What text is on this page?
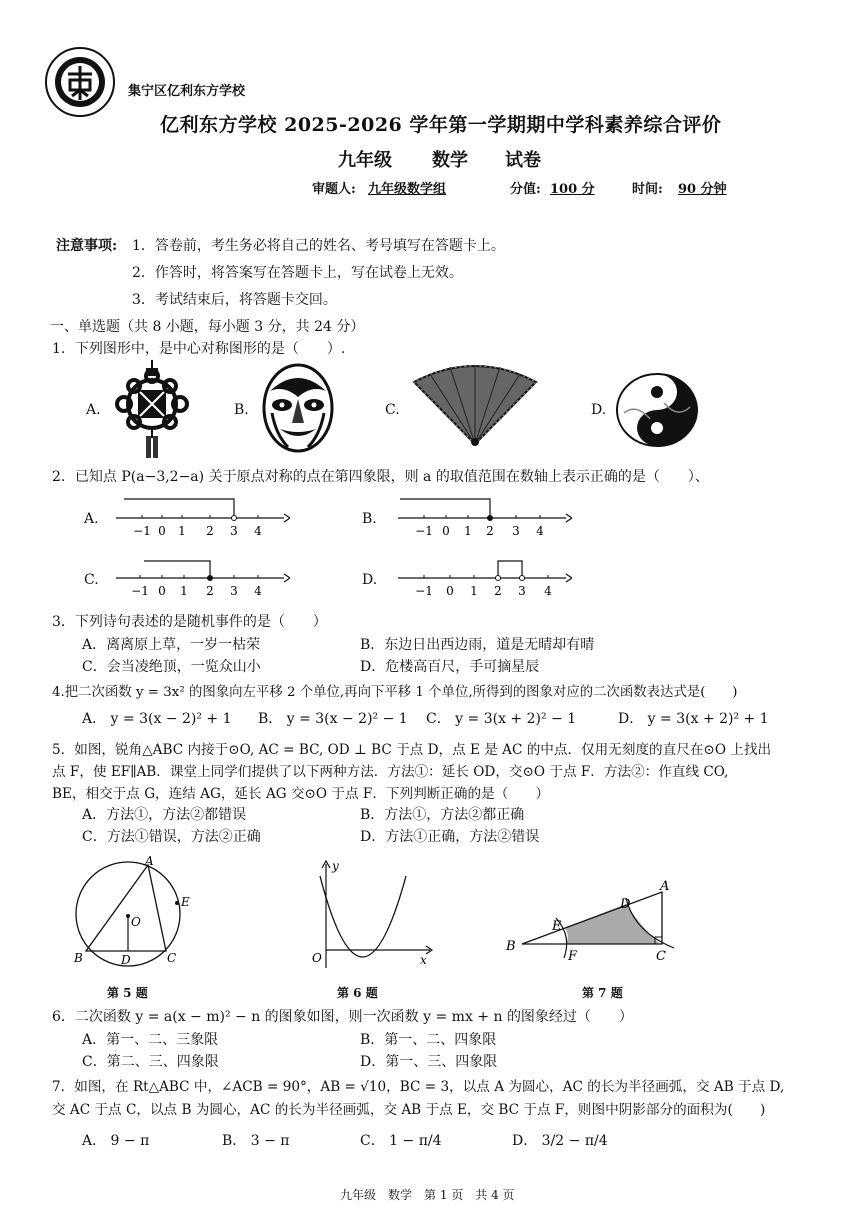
集宁区亿利东方学校
亿利东方学校 2025-2026 学年第一学期期中学科素养综合评价
九年级 数学 试卷
审题人: 九年级数学组	分值: 100 分	时间: 90 分钟
注意事项: 1．答卷前，考生务必将自己的姓名、考号填写在答题卡上。
2．作答时，将答案写在答题卡上，写在试卷上无效。
3．考试结束后，将答题卡交回。
一、单选题（共 8 小题，每小题 3 分，共 24 分）
1．下列图形中，是中心对称图形的是（　　）.
A.	B.	C.	D.
2．已知点 P(a−3,2−a) 关于原点对称的点在第四象限，则 a 的取值范围在数轴上表示正确的是（　　）、
A.	B.
C.	D.
−1 0 1 2 3 4	−1 0 1 2 3 4
−1 0 1 2 3 4	−1 0 1 2 3 4
3．下列诗句表述的是随机事件的是（　　）
A．离离原上草，一岁一枯荣	B．东边日出西边雨，道是无晴却有晴
C．会当凌绝顶，一览众山小	D．危楼高百尺，手可摘星辰
4.把二次函数 y = 3x² 的图象向左平移 2 个单位,再向下平移 1 个单位,所得到的图象对应的二次函数表达式是(　　)
A． y = 3(x − 2)² + 1 B． y = 3(x − 2)² − 1 C． y = 3(x + 2)² − 1	D． y = 3(x + 2)² + 1
5．如图，锐角△ABC 内接于⊙O, AC = BC, OD ⊥ BC 于点 D，点 E 是 AC 的中点．仅用无刻度的直尺在⊙O 上找出
点 F，使 EF∥AB．课堂上同学们提供了以下两种方法．方法①：延长 OD，交⊙O 于点 F．方法②：作直线 CO,
BE，相交于点 G，连结 AG，延长 AG 交⊙O 于点 F．下列判断正确的是（　　）
A．方法①，方法②都错误	B．方法①，方法②都正确
C．方法①错误，方法②正确	D．方法①正确，方法②错误
A
E
O
B	D	C
第 5 题
y
O	x
第 6 题
A
D
E
B
F	C
第 7 题
6．二次函数 y = a(x − m)² − n 的图象如图，则一次函数 y = mx + n 的图象经过（　　）
A．第一、二、三象限	B．第一、二、四象限
C．第二、三、四象限	D．第一、三、四象限
7．如图，在 Rt△ABC 中，∠ACB = 90°，AB = √10，BC = 3，以点 A 为圆心，AC 的长为半径画弧，交 AB 于点 D,
交 AC 于点 C，以点 B 为圆心，AC 的长为半径画弧，交 AB 于点 E，交 BC 于点 F，则图中阴影部分的面积为(　　)
A． 9 − π	B． 3 − π	C． 1 − π/4	D． 3/2 − π/4
九年级　数学　第 1 页　共 4 页
